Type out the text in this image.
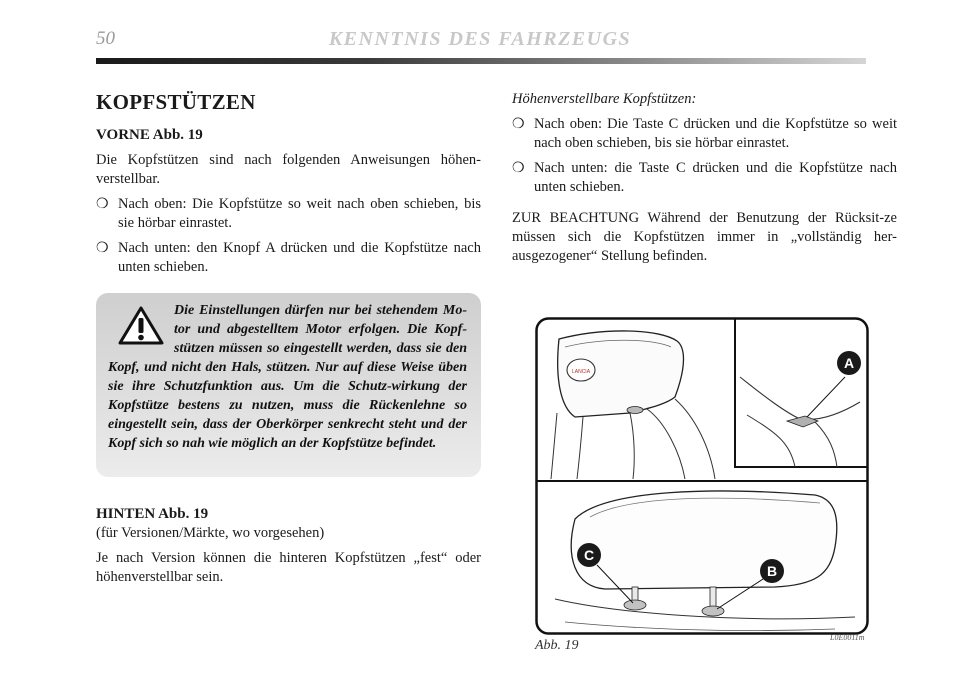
50	KENNTNIS DES FAHRZEUGS
KOPFSTÜTZEN
VORNE Abb. 19
Die Kopfstützen sind nach folgenden Anweisungen höhen-verstellbar.
❍ Nach oben: Die Kopfstütze so weit nach oben schieben, bis sie hörbar einrastet.
❍ Nach unten: den Knopf A drücken und die Kopfstütze nach unten schieben.
Die Einstellungen dürfen nur bei stehendem Mo-tor und abgestelltem Motor erfolgen. Die Kopf-stützen müssen so eingestellt werden, dass sie den Kopf, und nicht den Hals, stützen. Nur auf diese Weise üben sie ihre Schutzfunktion aus. Um die Schutz-wirkung der Kopfstütze bestens zu nutzen, muss die Rückenlehne so eingestellt sein, dass der Oberkörper senkrecht steht und der Kopf sich so nah wie möglich an der Kopfstütze befindet.
HINTEN Abb. 19
(für Versionen/Märkte, wo vorgesehen)
Je nach Version können die hinteren Kopfstützen „fest“ oder höhenverstellbar sein.
Höhenverstellbare Kopfstützen:
❍ Nach oben: Die Taste C drücken und die Kopfstütze so weit nach oben schieben, bis sie hörbar einrastet.
❍ Nach unten: die Taste C drücken und die Kopfstütze nach unten schieben.
ZUR BEACHTUNG Während der Benutzung der Rücksit-ze müssen sich die Kopfstützen immer in „vollständig her-ausgezogener“ Stellung befinden.
LANCIA
A
C
B
Abb. 19
L0E0011m
